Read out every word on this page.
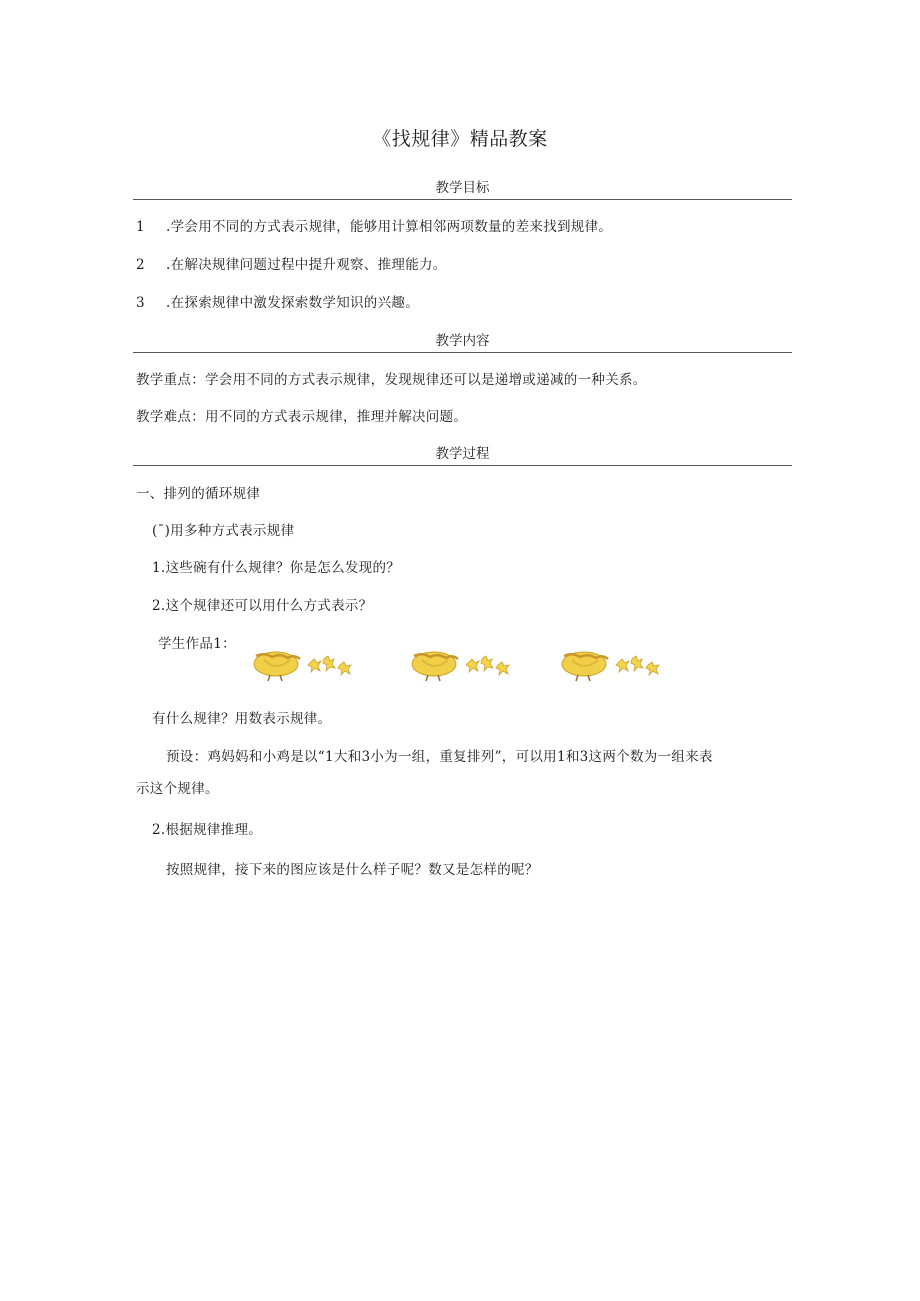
《找规律》精品教案
教学目标
1 .学会用不同的方式表示规律，能够用计算相邻两项数量的差来找到规律。
2 .在解决规律问题过程中提升观察、推理能力。
3 .在探索规律中激发探索数学知识的兴趣。
教学内容
教学重点：学会用不同的方式表示规律，发现规律还可以是递增或递减的一种关系。
教学难点：用不同的方式表示规律，推理并解决问题。
教学过程
一、排列的循环规律
(ˉ)用多种方式表示规律
1.这些碗有什么规律？你是怎么发现的？
2.这个规律还可以用什么方式表示？
学生作品1：
有什么规律？用数表示规律。
预设：鸡妈妈和小鸡是以“1大和3小为一组，重复排列”，可以用1和3这两个数为一组来表
示这个规律。
2.根据规律推理。
按照规律，接下来的图应该是什么样子呢？数又是怎样的呢？
